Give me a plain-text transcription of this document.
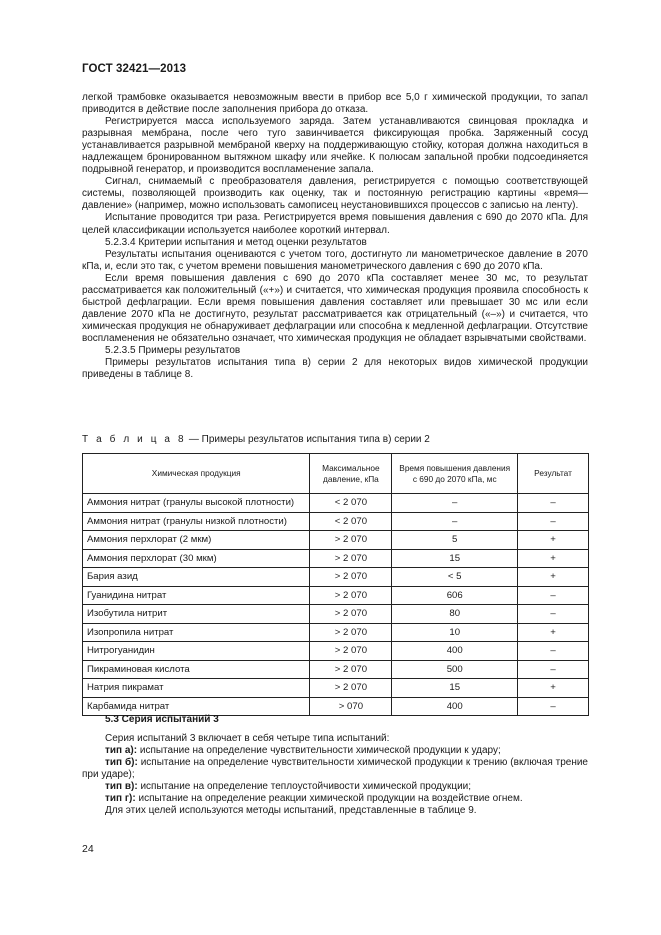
ГОСТ 32421—2013

легкой трамбовке оказывается невозможным ввести в прибор все 5,0 г химической продукции, то запал приводится в действие после заполнения прибора до отказа.

Регистрируется масса используемого заряда. Затем устанавливаются свинцовая прокладка и разрывная мембрана, после чего туго завинчивается фиксирующая пробка. Заряженный сосуд устанавливается разрывной мембраной кверху на поддерживающую стойку, которая должна находиться в надлежащем бронированном вытяжном шкафу или ячейке. К полюсам запальной пробки подсоединяется подрывной генератор, и производится воспламенение запала.

Сигнал, снимаемый с преобразователя давления, регистрируется с помощью соответствующей системы, позволяющей производить как оценку, так и постоянную регистрацию картины «время—давление» (например, можно использовать самописец неустановившихся процессов с записью на ленту).

Испытание проводится три раза. Регистрируется время повышения давления с 690 до 2070 кПа. Для целей классификации используется наиболее короткий интервал.

5.2.3.4 Критерии испытания и метод оценки результатов

Результаты испытания оцениваются с учетом того, достигнуто ли манометрическое давление в 2070 кПа, и, если это так, с учетом времени повышения манометрического давления с 690 до 2070 кПа.

Если время повышения давления с 690 до 2070 кПа составляет менее 30 мс, то результат рассматривается как положительный («+») и считается, что химическая продукция проявила способность к быстрой дефлаграции. Если время повышения давления составляет или превышает 30 мс или если давление 2070 кПа не достигнуто, результат рассматривается как отрицательный («–») и считается, что химическая продукция не обнаруживает дефлаграции или способна к медленной дефлаграции. Отсутствие воспламенения не обязательно означает, что химическая продукция не обладает взрывчатыми свойствами.

5.2.3.5 Примеры результатов

Примеры результатов испытания типа в) серии 2 для некоторых видов химической продукции приведены в таблице 8.

Т а б л и ц а 8 — Примеры результатов испытания типа в) серии 2
Химическая продукция	Максимальное давление, кПа	Время повышения давления с 690 до 2070 кПа, мс	Результат
Аммония нитрат (гранулы высокой плотности)	< 2 070	–	–
Аммония нитрат (гранулы низкой плотности)	< 2 070	–	–
Аммония перхлорат (2 мкм)	> 2 070	5	+
Аммония перхлорат (30 мкм)	> 2 070	15	+
Бария азид	> 2 070	< 5	+
Гуанидина нитрат	> 2 070	606	–
Изобутила нитрит	> 2 070	80	–
Изопропила нитрат	> 2 070	10	+
Нитрогуанидин	> 2 070	400	–
Пикраминовая кислота	> 2 070	500	–
Натрия пикрамат	> 2 070	15	+
Карбамида нитрат	> 070	400	–

5.3 Серия испытаний 3

Серия испытаний 3 включает в себя четыре типа испытаний:

тип а): испытание на определение чувствительности химической продукции к удару;

тип б): испытание на определение чувствительности химической продукции к трению (включая трение при ударе);

тип в): испытание на определение теплоустойчивости химической продукции;

тип г): испытание на определение реакции химической продукции на воздействие огнем.

Для этих целей используются методы испытаний, представленные в таблице 9.

24
